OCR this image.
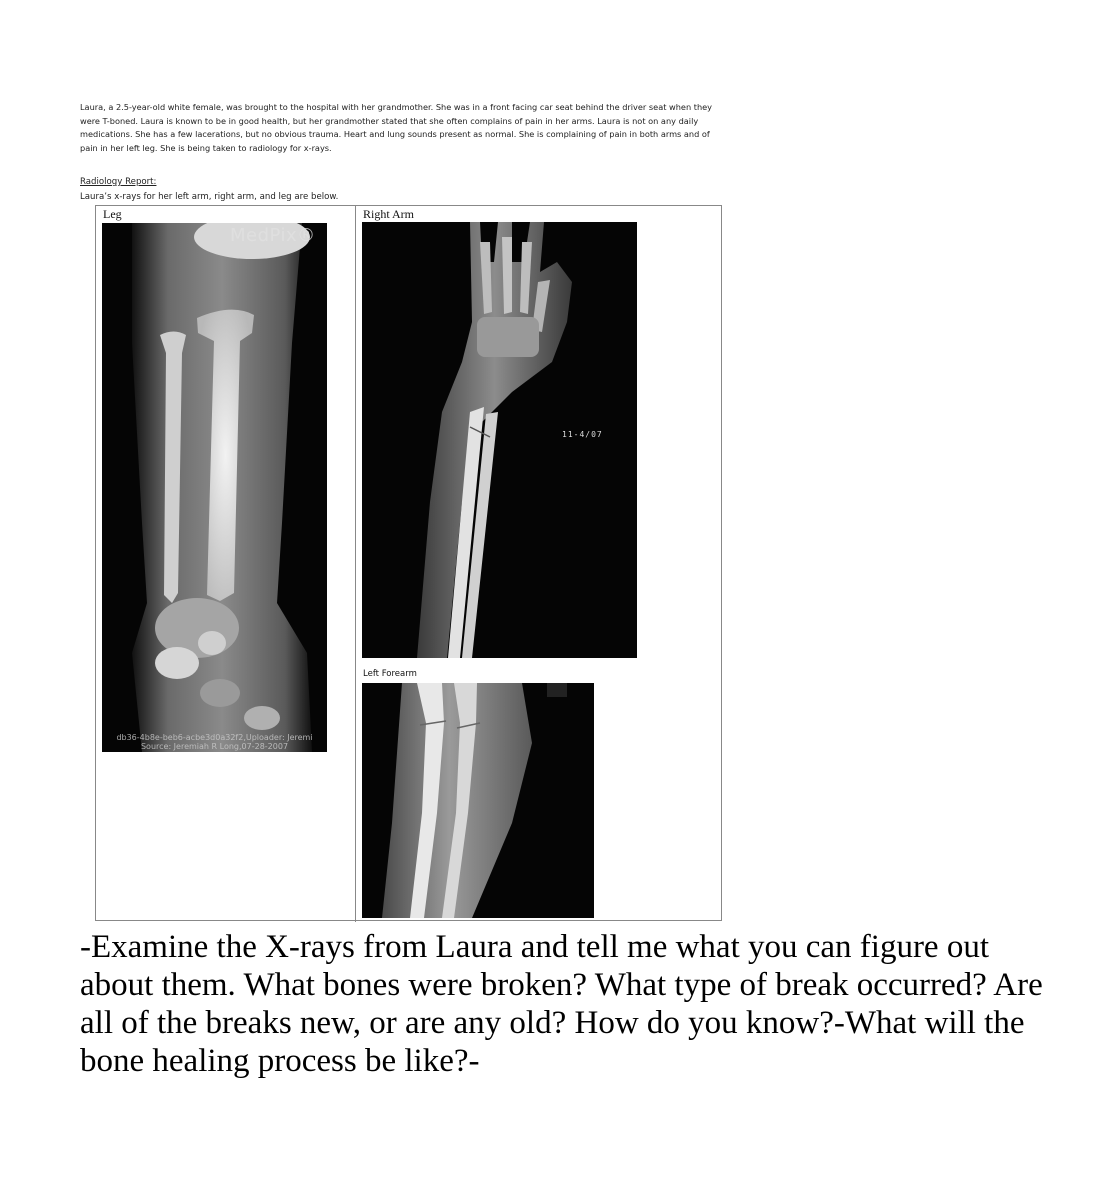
Laura, a 2.5-year-old white female, was brought to the hospital with her grandmother. She was in a front facing car seat behind the driver seat when they were T-boned. Laura is known to be in good health, but her grandmother stated that she often complains of pain in her arms. Laura is not on any daily medications. She has a few lacerations, but no obvious trauma. Heart and lung sounds present as normal. She is complaining of pain in both arms and of pain in her left leg. She is being taken to radiology for x-rays.

Radiology Report:

Laura’s x-rays for her left arm, right arm, and leg are below.

Leg
MedPix®
db36-4b8e-beb6-acbe3d0a32f2,Uploader: Jeremi
Source: Jeremiah R Long,07-28-2007
Right Arm
11-4/07
Left Forearm

-Examine the X-rays from Laura and tell me what you can figure out about them. What bones were broken? What type of break occurred? Are all of the breaks new, or are any old? How do you know?-What will the bone healing process be like?-
